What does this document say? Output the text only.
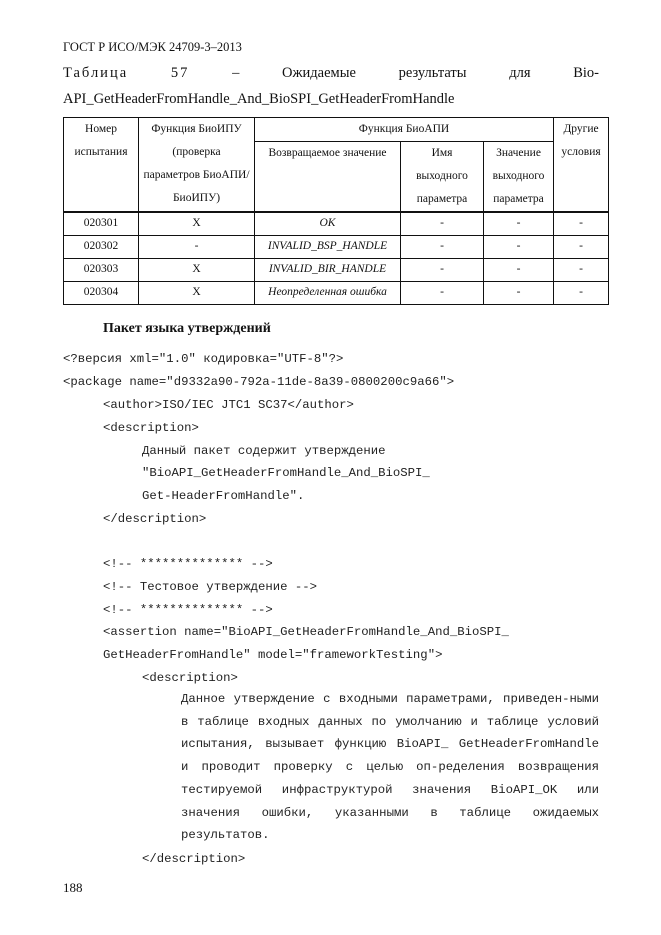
ГОСТ Р ИСО/МЭК 24709-3–2013
Таблица	57	–	Ожидаемые	результаты	для	Bio-
API_GetHeaderFromHandle_And_BioSPI_GetHeaderFromHandle
Номер испытания	Функция БиоИПУ (проверка параметров БиоАПИ/БиоИПУ)	Функция БиоАПИ			Другие условия
		Возвращаемое значение	Имя выходного параметра	Значение выходного параметра	
020301	X	OK	-	-	-
020302	-	INVALID_BSP_HANDLE	-	-	-
020303	X	INVALID_BIR_HANDLE	-	-	-
020304	X	Неопределенная ошибка	-	-	-
Пакет языка утверждений
<?версия xml="1.0" кодировка="UTF-8"?>
<package name="d9332a90-792a-11de-8a39-0800200c9a66">
<author>ISO/IEC JTC1 SC37</author>
<description>
Данный пакет содержит утверждение
"BioAPI_GetHeaderFromHandle_And_BioSPI_
Get-HeaderFromHandle".
</description>
<!-- ************** -->
<!-- Тестовое утверждение -->
<!-- ************** -->
<assertion name="BioAPI_GetHeaderFromHandle_And_BioSPI_
GetHeaderFromHandle" model="frameworkTesting">
<description>
Данное утверждение с входными параметрами, приведен-ными в таблице входных данных по умолчанию и таблице условий испытания, вызывает функцию BioAPI_ GetHeaderFromHandle и проводит проверку с целью оп-ределения возвращения тестируемой инфраструктурой значения BioAPI_OK или значения ошибки, указанными в таблице ожидаемых результатов.
</description>
188
